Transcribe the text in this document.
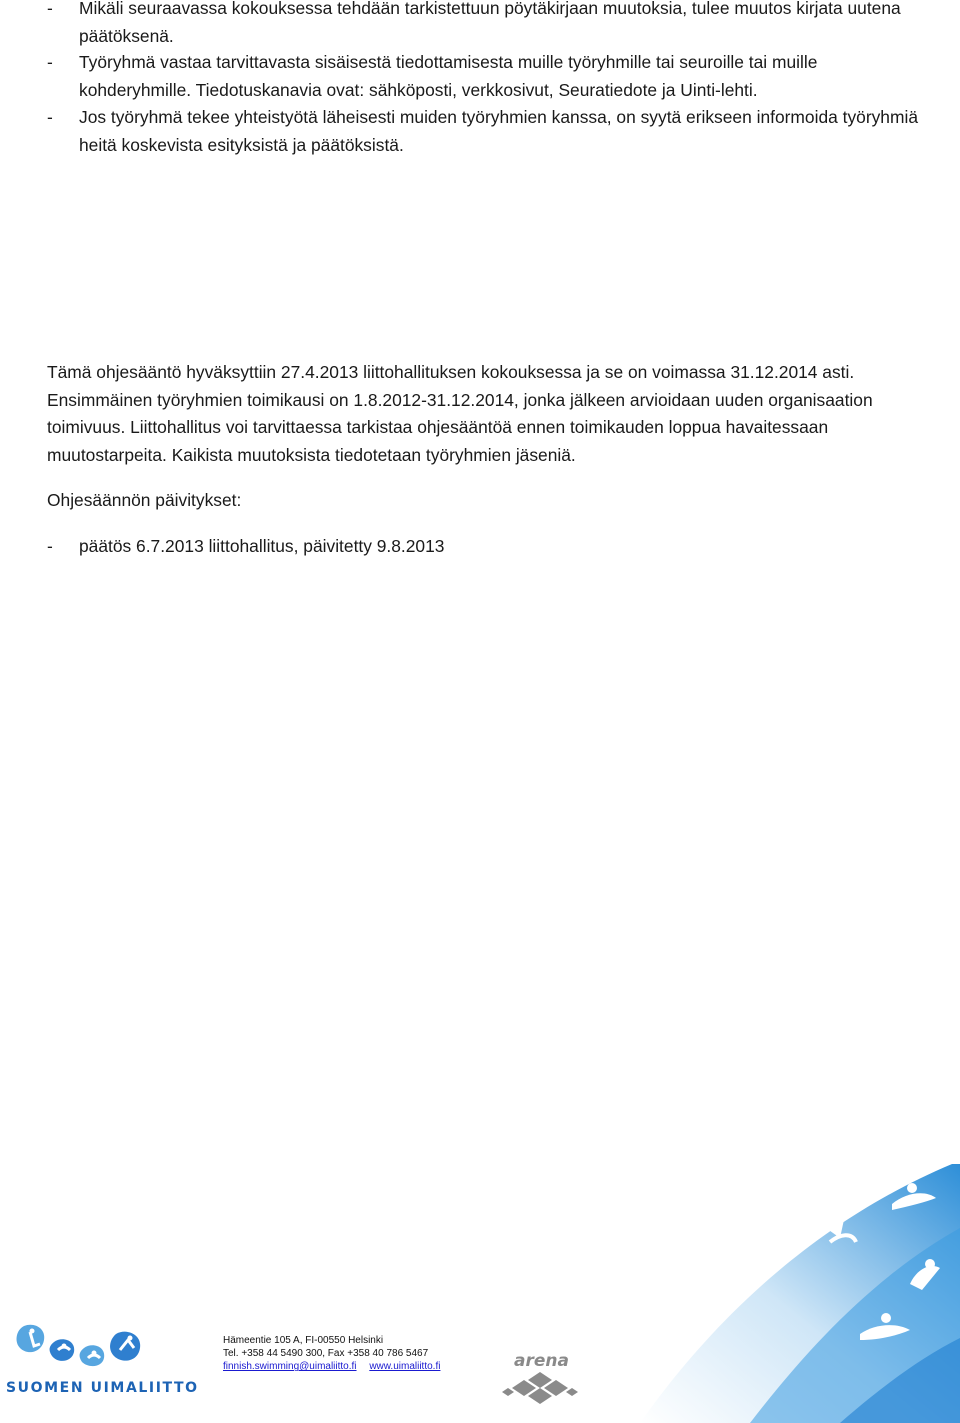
- Mikäli seuraavassa kokouksessa tehdään tarkistettuun pöytäkirjaan muutoksia, tulee muutos kirjata uutena
päätöksenä.
- Työryhmä vastaa tarvittavasta sisäisestä tiedottamisesta muille työryhmille tai seuroille tai muille
kohderyhmille. Tiedotuskanavia ovat: sähköposti, verkkosivut, Seuratiedote ja Uinti-lehti.
- Jos työryhmä tekee yhteistyötä läheisesti muiden työryhmien kanssa, on syytä erikseen informoida työryhmiä
heitä koskevista esityksistä ja päätöksistä.
Tämä ohjesääntö hyväksyttiin 27.4.2013 liittohallituksen kokouksessa ja se on voimassa 31.12.2014 asti.
Ensimmäinen työryhmien toimikausi on 1.8.2012-31.12.2014, jonka jälkeen arvioidaan uuden organisaation
toimivuus. Liittohallitus voi tarvittaessa tarkistaa ohjesääntöä ennen toimikauden loppua havaitessaan
muutostarpeita. Kaikista muutoksista tiedotetaan työryhmien jäseniä.
Ohjesäännön päivitykset:
- päätös 6.7.2013 liittohallitus, päivitetty 9.8.2013
SUOMEN UIMALIITTO
Hämeentie 105 A, FI-00550 Helsinki
Tel. +358 44 5490 300, Fax +358 40 786 5467
finnish.swimming@uimaliitto.fi www.uimaliitto.fi	arena
